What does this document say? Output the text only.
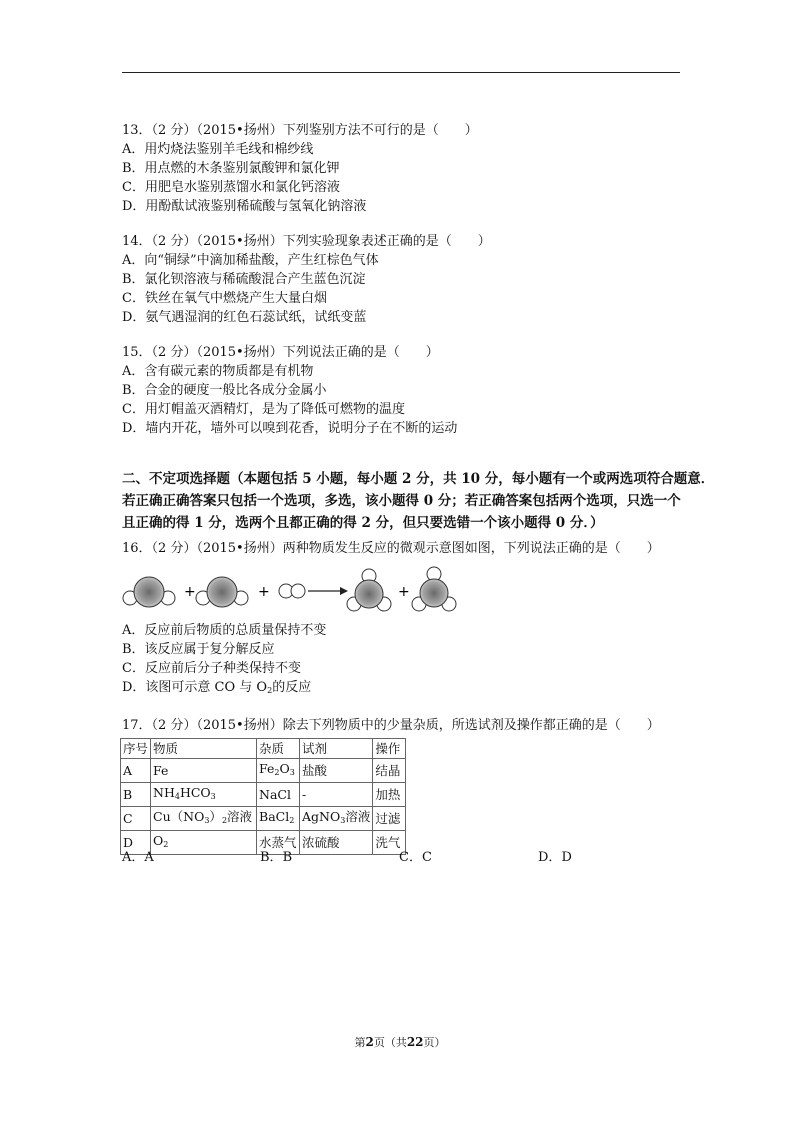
13．（2 分）（2015•扬州）下列鉴别方法不可行的是（　　）
A．用灼烧法鉴别羊毛线和棉纱线
B．用点燃的木条鉴别氯酸钾和氯化钾
C．用肥皂水鉴别蒸馏水和氯化钙溶液
D．用酚酞试液鉴别稀硫酸与氢氧化钠溶液
14．（2 分）（2015•扬州）下列实验现象表述正确的是（　　）
A．向“铜绿”中滴加稀盐酸，产生红棕色气体
B．氯化钡溶液与稀硫酸混合产生蓝色沉淀
C．铁丝在氧气中燃烧产生大量白烟
D．氨气遇湿润的红色石蕊试纸，试纸变蓝
15．（2 分）（2015•扬州）下列说法正确的是（　　）
A．含有碳元素的物质都是有机物
B．合金的硬度一般比各成分金属小
C．用灯帽盖灭酒精灯，是为了降低可燃物的温度
D．墙内开花，墙外可以嗅到花香，说明分子在不断的运动
二、不定项选择题（本题包括 5 小题，每小题 2 分，共 10 分，每小题有一个或两选项符合题意．
若正确正确答案只包括一个选项，多选，该小题得 0 分；若正确答案包括两个选项，只选一个
且正确的得 1 分，选两个且都正确的得 2 分，但只要选错一个该小题得 0 分．）
16．（2 分）（2015•扬州）两种物质发生反应的微观示意图如图，下列说法正确的是（　　）
+	+	+
A．反应前后物质的总质量保持不变
B．该反应属于复分解反应
C．反应前后分子种类保持不变
D．该图可示意 CO 与 $O_2$的反应
17．（2 分）（2015•扬州）除去下列物质中的少量杂质，所选试剂及操作都正确的是（　　）
序号	物质	杂质	试剂	操作
A	Fe	$Fe_2O_3$	盐酸	结晶
B	$NH_4HCO_3$	NaCl	-	加热
C	$Cu(NO_3)_2$溶液	BaCl$_2$	AgNO$_3$溶液	过滤
D	$O_2$	水蒸气	浓硫酸	洗气
A．A	B．B	C．C	D．D
第2页（共22页）
